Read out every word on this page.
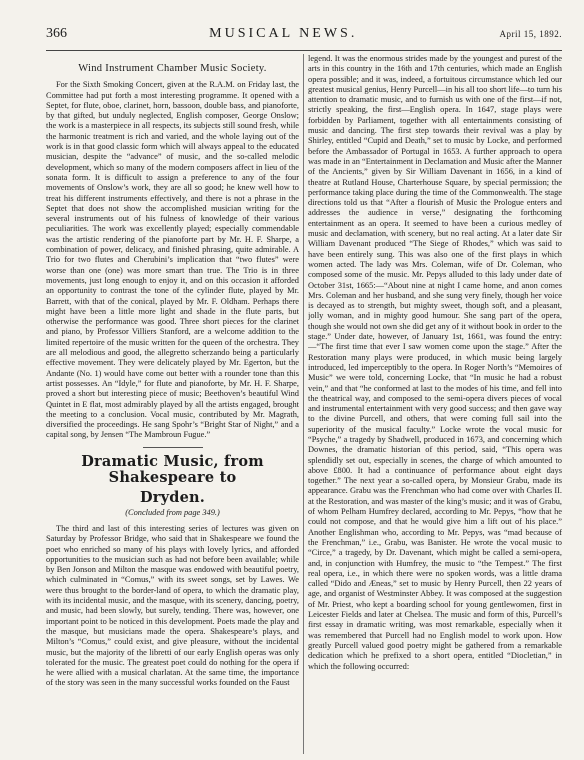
366	MUSICAL NEWS.	April 15, 1892.
Wind Instrument Chamber Music Society.

For the Sixth Smoking Concert, given at the R.A.M. on Friday last, the Committee had put forth a most interesting programme. It opened with a Septet, for flute, oboe, clarinet, horn, bassoon, double bass, and pianoforte, by that gifted, but unduly neglected, English composer, George Onslow; the work is a masterpiece in all respects, its subjects still sound fresh, while the harmonic treatment is rich and varied, and the whole laying out of the work is in that good classic form which will always appeal to the educated musician, despite the “advance” of music, and the so-called melodic development, which so many of the modern composers affect in lieu of the sonata form. It is difficult to assign a preference to any of the four movements of Onslow’s work, they are all so good; he knew well how to treat his different instruments effectively, and there is not a phrase in the Septet that does not show the accomplished musician writing for the several instruments out of his fulness of knowledge of their various peculiarities. The work was excellently played; especially commendable was the artistic rendering of the pianoforte part by Mr. H. F. Sharpe, a combination of power, delicacy, and finished phrasing, quite admirable. A Trio for two flutes and Cherubini’s implication that “two flutes” were worse than one (one) was more smart than true. The Trio is in three movements, just long enough to enjoy it, and on this occasion it afforded an opportunity to contrast the tone of the cylinder flute, played by Mr. Barrett, with that of the conical, played by Mr. F. Oldham. Perhaps there might have been a little more light and shade in the flute parts, but otherwise the performance was good. Three short pieces for the clarinet and piano, by Professor Villiers Stanford, are a welcome addition to the limited repertoire of the music written for the queen of the orchestra. They are all melodious and good, the allegretto scherzando being a particularly effective movement. They were delicately played by Mr. Egerton, but the Andante (No. 1) would have come out better with a rounder tone than this artist possesses. An “Idyle,” for flute and pianoforte, by Mr. H. F. Sharpe, proved a short but interesting piece of music; Beethoven’s beautiful Wind Quintet in E flat, most admirably played by all the artists engaged, brought the meeting to a conclusion. Vocal music, contributed by Mr. Magrath, diversified the proceedings. He sang Spohr’s “Bright Star of Night,” and a capital song, by Jensen “The Mambroun Fugue.”

Dramatic Music, from Shakespeare to
Dryden.
(Concluded from page 349.)

The third and last of this interesting series of lectures was given on Saturday by Professor Bridge, who said that in Shakespeare we found the poet who enriched so many of his plays with lovely lyrics, and afforded opportunities to the musician such as had not before been available; while by Ben Jonson and Milton the masque was endowed with beautiful poetry, which culminated in “Comus,” with its sweet songs, set by Lawes. We were thus brought to the border-land of opera, to which the dramatic play, with its incidental music, and the masque, with its scenery, dancing, poetry, and music, had been slowly, but surely, tending. There was, however, one important point to be noticed in this development. Poets made the play and the masque, but musicians made the opera. Shakespeare’s plays, and Milton’s “Comus,” could exist, and give pleasure, without the incidental music, but the majority of the libretti of our early English operas was only tolerated for the music. The greatest poet could do nothing for the opera if he were allied with a musical charlatan. At the same time, the importance of the story was seen in the many successful works founded on the Faust

legend. It was the enormous strides made by the youngest and purest of the arts in this country in the 16th and 17th centuries, which made an English opera possible; and it was, indeed, a fortuitous circumstance which led our greatest musical genius, Henry Purcell—in his all too short life—to turn his attention to dramatic music, and to furnish us with one of the first—if not, strictly speaking, the first—English opera. In 1647, stage plays were forbidden by Parliament, together with all entertainments consisting of music and dancing. The first step towards their revival was a play by Shirley, entitled “Cupid and Death,” set to music by Locke, and performed before the Ambassador of Portugal in 1653. A further approach to opera was made in an “Entertainment in Declamation and Music after the Manner of the Ancients,” given by Sir William Davenant in 1656, in a kind of theatre at Rutland House, Charterhouse Square, by special permission; the performance taking place during the time of the Commonwealth. The stage directions told us that “After a flourish of Music the Prologue enters and addresses the audience in verse,” designating the forthcoming entertainment as an opera. It seemed to have been a curious medley of music and declamation, with scenery, but no real acting. At a later date Sir William Davenant produced “The Siege of Rhodes,” which was said to have been entirely sung. This was also one of the first plays in which women acted. The lady was Mrs. Coleman, wife of Dr. Coleman, who composed some of the music. Mr. Pepys alluded to this lady under date of October 31st, 1665:—“About nine at night I came home, and anon comes Mrs. Coleman and her husband, and she sung very finely, though her voice is decayed as to strength, but mighty sweet, though soft, and a pleasant, jolly woman, and in mighty good humour. She sang part of the opera, though she would not own she did get any of it without book in order to the stage.” Under date, however, of January 1st, 1661, was found the entry:—“The first time that ever I saw women come upon the stage.” After the Restoration many plays were produced, in which music being largely introduced, led imperceptibly to the opera. In Roger North’s “Memoires of Music” we were told, concerning Locke, that “In music he had a robust vein,” and that “he conformed at last to the modes of his time, and fell into the theatrical way, and composed to the semi-opera divers pieces of vocal and instrumental entertainment with very good success; and then gave way to the divine Purcell, and others, that were coming full sail into the superiority of the musical faculty.” Locke wrote the vocal music for “Psyche,” a tragedy by Shadwell, produced in 1673, and concerning which Downes, the dramatic historian of this period, said, “This opera was splendidly set out, especially in scenes, the charge of which amounted to above £800. It had a continuance of performance about eight days together.” The next year a so-called opera, by Monsieur Grabu, made its appearance. Grabu was the Frenchman who had come over with Charles II. at the Restoration, and was master of the king’s music; and it was of Grabu, of whom Pelham Humfrey declared, according to Mr. Pepys, “how that he could not compose, and that he would give him a lift out of his place.” Another Englishman who, according to Mr. Pepys, was “mad because of the Frenchman,” i.e., Grabu, was Banister. He wrote the vocal music to “Circe,” a tragedy, by Dr. Davenant, which might be called a semi-opera, and, in conjunction with Humfrey, the music to “the Tempest.” The first real opera, i.e., in which there were no spoken words, was a little drama called “Dido and Æneas,” set to music by Henry Purcell, then 22 years of age, and organist of Westminster Abbey. It was composed at the suggestion of Mr. Priest, who kept a boarding school for young gentlewomen, first in Leicester Fields and later at Chelsea. The music and form of this, Purcell’s first essay in dramatic writing, was most remarkable, especially when it was remembered that Purcell had no English model to work upon. How greatly Purcell valued good poetry might be gathered from a remarkable dedication which he prefixed to a short opera, entitled “Diocletian,” in which the following occurred:
